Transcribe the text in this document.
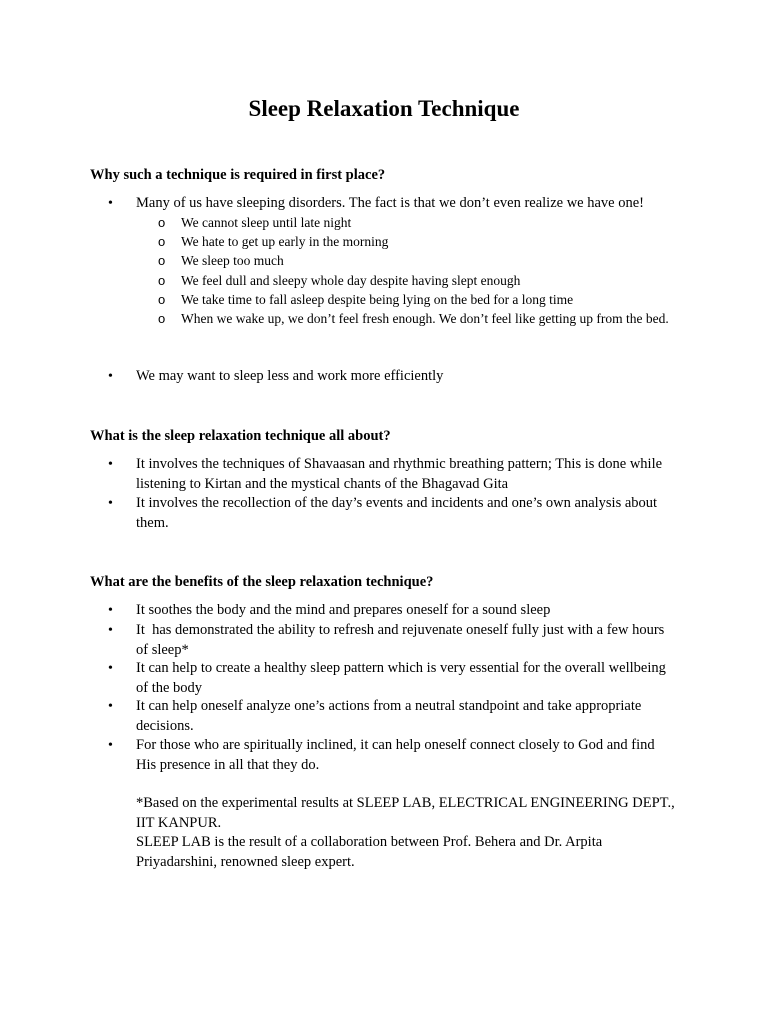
Sleep Relaxation Technique
Why such a technique is required in first place?
• Many of us have sleeping disorders. The fact is that we don’t even realize we have one!
o We cannot sleep until late night
o We hate to get up early in the morning
o We sleep too much
o We feel dull and sleepy whole day despite having slept enough
o We take time to fall asleep despite being lying on the bed for a long time
o When we wake up, we don’t feel fresh enough. We don’t feel like getting up from the bed.
• We may want to sleep less and work more efficiently
What is the sleep relaxation technique all about?
• It involves the techniques of Shavaasan and rhythmic breathing pattern; This is done while listening to Kirtan and the mystical chants of the Bhagavad Gita
• It involves the recollection of the day’s events and incidents and one’s own analysis about them.
What are the benefits of the sleep relaxation technique?
• It soothes the body and the mind and prepares oneself for a sound sleep
• It  has demonstrated the ability to refresh and rejuvenate oneself fully just with a few hours of sleep*
• It can help to create a healthy sleep pattern which is very essential for the overall wellbeing of the body
• It can help oneself analyze one’s actions from a neutral standpoint and take appropriate decisions.
• For those who are spiritually inclined, it can help oneself connect closely to God and find His presence in all that they do.
*Based on the experimental results at SLEEP LAB, ELECTRICAL ENGINEERING DEPT., IIT KANPUR.
SLEEP LAB is the result of a collaboration between Prof. Behera and Dr. Arpita Priyadarshini, renowned sleep expert.
